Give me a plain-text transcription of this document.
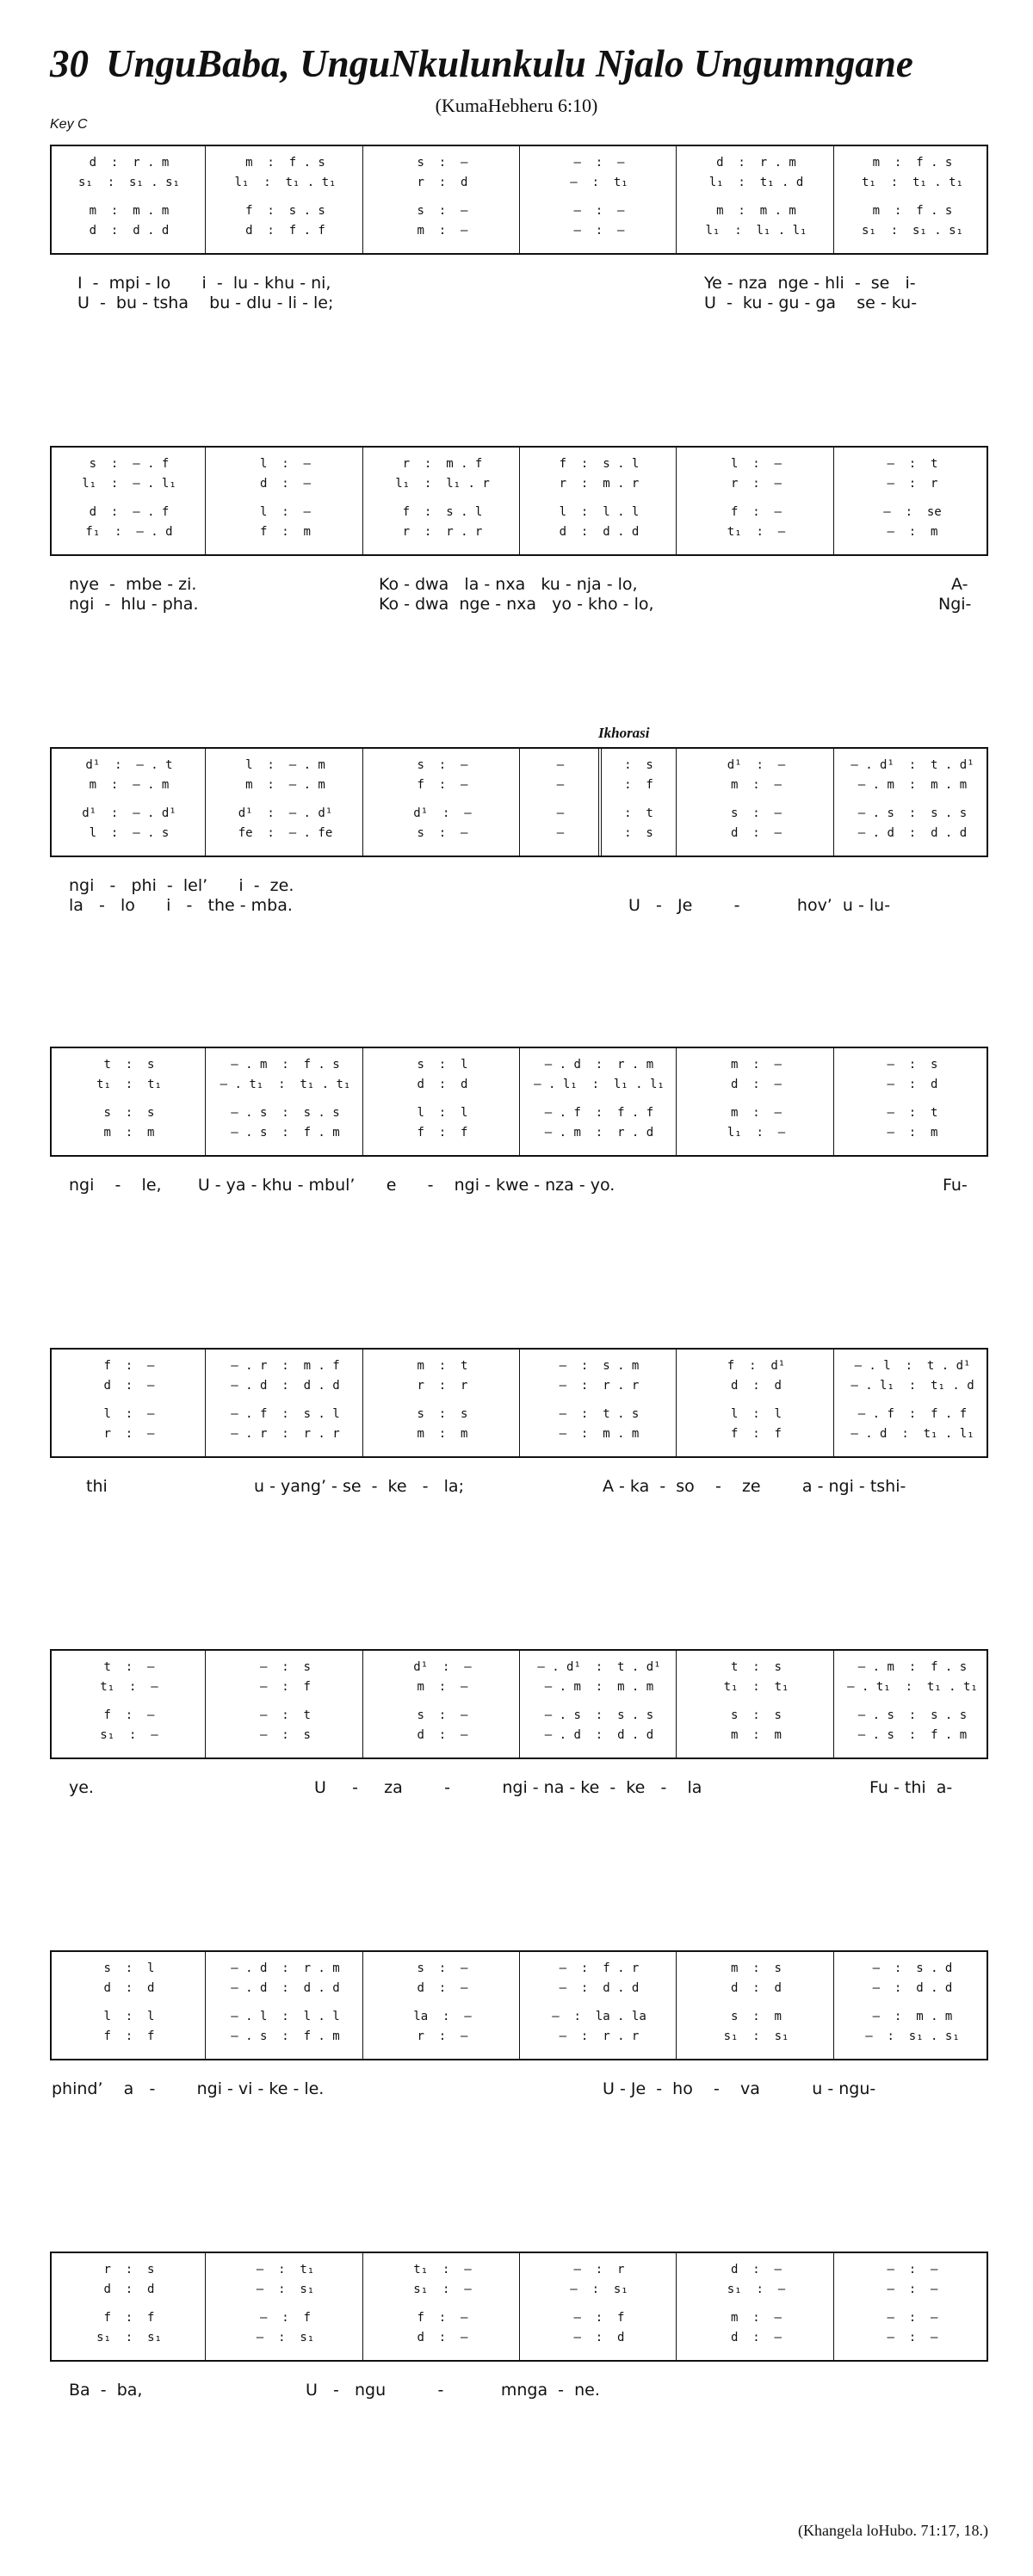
30 UnguBaba, UnguNkulunkulu Njalo Ungumngane
(KumaHebheru 6:10)
Key C
d  :  r . m	m  :  f . s	s  :  —	—  :  —	d  :  r . m	m  :  f . s
s₁  :  s₁ . s₁	l₁  :  t₁ . t₁	r  :  d	—  :  t₁	l₁  :  t₁ . d	t₁  :  t₁ . t₁
m  :  m . m	f  :  s . s	s  :  —	—  :  —	m  :  m . m	m  :  f . s
d  :  d . d	d  :  f . f	m  :  —	—  :  —	l₁  :  l₁ . l₁	s₁  :  s₁ . s₁
I  -  mpi - lo      i  -  lu - khu - ni,	Ye - nza  nge - hli  -  se   i-
U  -  bu - tsha    bu - dlu - li - le;	U  -  ku - gu - ga    se - ku-
s  :  – . f	l  :  —	r  :  m . f	f  :  s . l	l  :  —	—  :  t
l₁  :  – . l₁	d  :  —	l₁  :  l₁ . r	r  :  m . r	r  :  —	—  :  r
d  :  – . f	l  :  —	f  :  s . l	l  :  l . l	f  :  —	—  :  se
f₁  :  – . d	f  :  m	r  :  r . r	d  :  d . d	t₁  :  —	—  :  m
nye  -  mbe - zi.	Ko - dwa   la - nxa   ku - nja - lo,	A-
ngi  -  hlu - pha.	Ko - dwa  nge - nxa   yo - kho - lo,	Ngi-
d¹  :  – . t	l  :  – . m	s  :  —	—	:  s	d¹  :  —	– . d¹  :  t . d¹
m  :  – . m	m  :  – . m	f  :  —	—	:  f	m  :  —	– . m  :  m . m
d¹  :  – . d¹	d¹  :  – . d¹	d¹  :  —	—	:  t	s  :  —	– . s  :  s . s
l  :  – . s	fe  :  – . fe	s  :  —	—	:  s	d  :  —	– . d  :  d . d
Ikhorasi
ngi   -   phi  -  lel’      i  -  ze.
la   -   lo      i   -   the - mba.	U   -   Je        -           hov’  u - lu-
t  :  s	– . m  :  f . s	s  :  l	– . d  :  r . m	m  :  —	—  :  s
t₁  :  t₁	– . t₁  :  t₁ . t₁	d  :  d	– . l₁  :  l₁ . l₁	d  :  —	—  :  d
s  :  s	– . s  :  s . s	l  :  l	– . f  :  f . f	m  :  —	—  :  t
m  :  m	– . s  :  f . m	f  :  f	– . m  :  r . d	l₁  :  —	—  :  m
ngi    -    le,       U - ya - khu - mbul’      e      -    ngi - kwe - nza - yo.	Fu-
f  :  —	– . r  :  m . f	m  :  t	—  :  s . m	f  :  d¹	– . l  :  t . d¹
d  :  —	– . d  :  d . d	r  :  r	—  :  r . r	d  :  d	– . l₁  :  t₁ . d
l  :  —	– . f  :  s . l	s  :  s	—  :  t . s	l  :  l	– . f  :  f . f
r  :  —	– . r  :  r . r	m  :  m	—  :  m . m	f  :  f	– . d  :  t₁ . l₁
thi	u - yang’ - se  -  ke   -   la;	A - ka  -  so    -    ze        a - ngi - tshi-
t  :  —	—  :  s	d¹  :  —	– . d¹  :  t . d¹	t  :  s	– . m  :  f . s
t₁  :  —	—  :  f	m  :  —	– . m  :  m . m	t₁  :  t₁	– . t₁  :  t₁ . t₁
f  :  —	—  :  t	s  :  —	– . s  :  s . s	s  :  s	– . s  :  s . s
s₁  :  —	—  :  s	d  :  —	– . d  :  d . d	m  :  m	– . s  :  f . m
ye.	U     -     za        -          ngi - na - ke  -  ke   -    la	Fu - thi  a-
s  :  l	– . d  :  r . m	s  :  —	—  :  f . r	m  :  s	—  :  s . d
d  :  d	– . d  :  d . d	d  :  —	—  :  d . d	d  :  d	—  :  d . d
l  :  l	– . l  :  l . l	la  :  —	—  :  la . la	s  :  m	—  :  m . m
f  :  f	– . s  :  f . m	r  :  —	—  :  r . r	s₁  :  s₁	—  :  s₁ . s₁
phind’    a   -        ngi - vi - ke - le.	U - Je  -  ho    -    va          u - ngu-
r  :  s	—  :  t₁	t₁  :  —	—  :  r	d  :  —	—  :  —
d  :  d	—  :  s₁	s₁  :  —	—  :  s₁	s₁  :  —	—  :  —
f  :  f	—  :  f	f  :  —	—  :  f	m  :  —	—  :  —
s₁  :  s₁	—  :  s₁	d  :  —	—  :  d	d  :  —	—  :  —
Ba  -  ba,	U   -   ngu          -           mnga  -  ne.
(Khangela loHubo. 71:17, 18.)
